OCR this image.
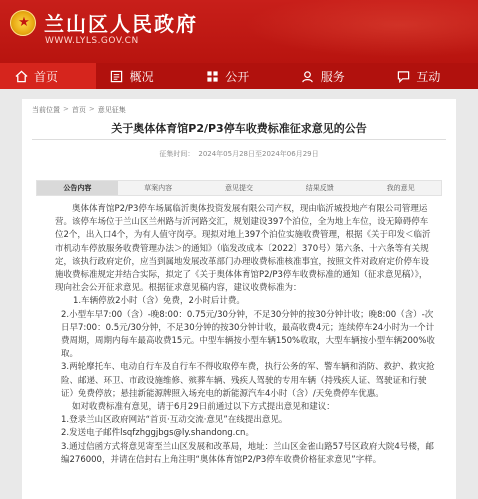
★ 兰山区人民政府
WWW.LYLS.GOV.CN
首页	概况	公开	服务	互动
当前位置 > 首页 > 意见征集
关于奥体体育馆P2/P3停车收费标准征求意见的公告
征集时间： 2024年05月28日至2024年06月29日
公告内容	草案内容	意见提交	结果反馈	我的意见

奥体体育馆P2/P3停车场属临沂奥体投资发展有限公司产权，现由临沂城投地产有限公司管理运营。该停车场位于兰山区兰州路与沂河路交汇，规划建设397个泊位，全为地上车位，设无障碍停车位2个，出入口4个，为有人值守岗亭。现拟对地上397个泊位实施收费管理，根据《关于印发＜临沂市机动车停放服务收费管理办法＞的通知》（临发改成本〔2022〕370号）第六条、十六条等有关规定，该执行政府定价，应当到属地发展改革部门办理收费标准核准事宜，按照文件对政府定价停车设施收费标准规定并结合实际，拟定了《关于奥体体育馆P2/P3停车收费标准的通知（征求意见稿）》，现向社会公开征求意见。根据征求意见稿内容，建议收费标准为：

1.车辆停放2小时（含）免费，2小时后计费。

2.小型车早7:00（含）-晚8:00：0.75元/30分钟，不足30分钟的按30分钟计收；晚8:00（含）-次日早7:00：0.5元/30分钟，不足30分钟的按30分钟计收，最高收费4元；连续停车24小时为一个计费周期，周期内每车最高收费15元。中型车辆按小型车辆150%收取，大型车辆按小型车辆200%收取。

3.两轮摩托车、电动自行车及自行车不得收取停车费，执行公务的军、警车辆和消防、救护、救灾抢险、邮递、环卫、市政设施维修、殡葬车辆、残疾人驾驶的专用车辆（持残疾人证、驾驶证和行驶证）免费停放；悬挂新能源牌照入场充电的新能源汽车4小时（含）/天免费停车优惠。

如对收费标准有意见，请于6月29日前通过以下方式提出意见和建议：

1.登录兰山区政府网站“首页·互动交流·意见”在线提出意见。

2.发送电子邮件lsqfzhggjbgs@ly.shandong.cn。

3.通过信函方式将意见寄至兰山区发展和改革局，地址：兰山区金雀山路57号区政府大院4号楼，邮编276000，并请在信封右上角注明“奥体体育馆P2/P3停车收费价格征求意见”字样。
